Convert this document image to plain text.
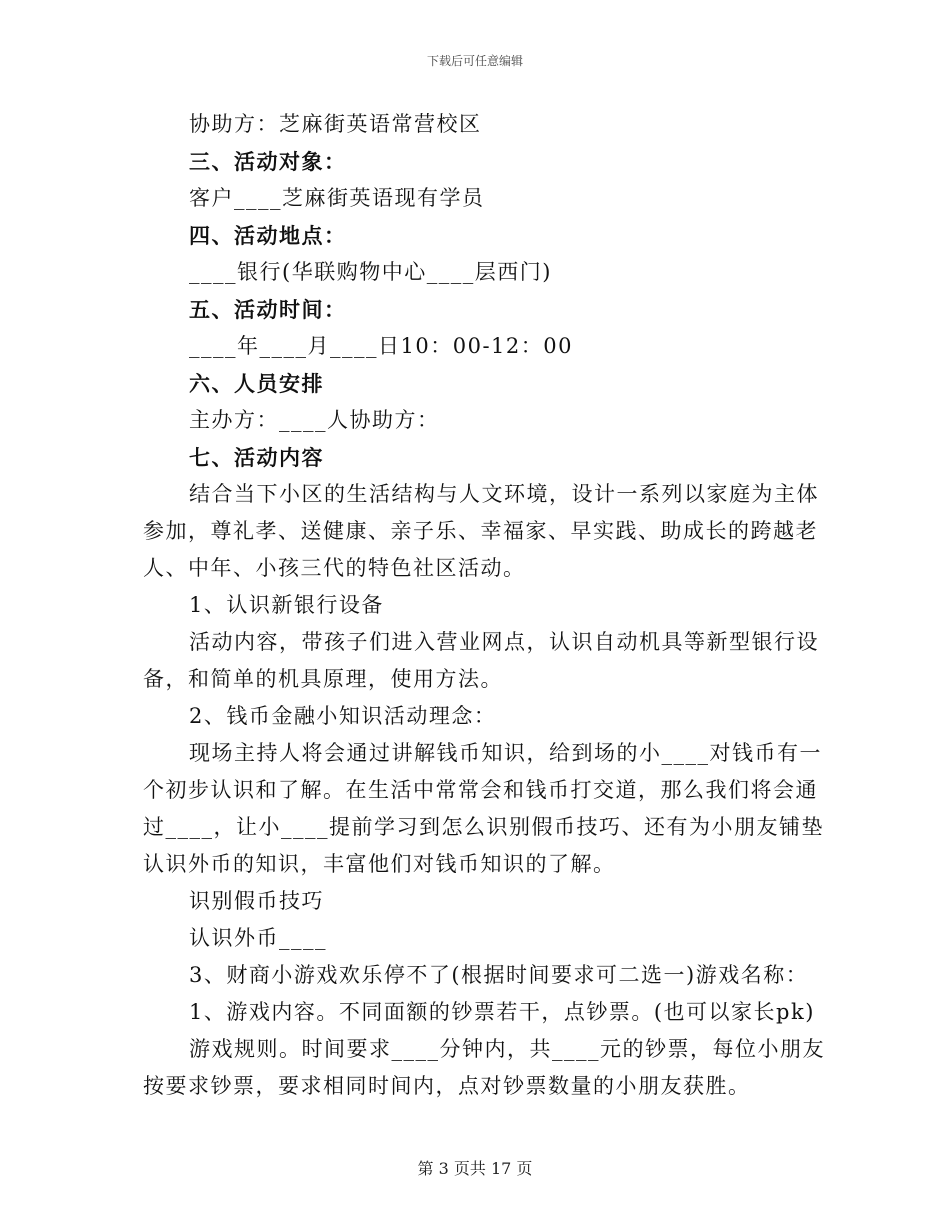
下载后可任意编辑
协助方：芝麻街英语常营校区
三、活动对象：
客户____芝麻街英语现有学员
四、活动地点：
____银行(华联购物中心____层西门)
五、活动时间：
____年____月____日10：00-12：00
六、人员安排
主办方：____人协助方：
七、活动内容
结合当下小区的生活结构与人文环境，设计一系列以家庭为主体
参加，尊礼孝、送健康、亲子乐、幸福家、早实践、助成长的跨越老
人、中年、小孩三代的特色社区活动。
1、认识新银行设备
活动内容，带孩子们进入营业网点，认识自动机具等新型银行设
备，和简单的机具原理，使用方法。
2、钱币金融小知识活动理念：
现场主持人将会通过讲解钱币知识，给到场的小____对钱币有一
个初步认识和了解。在生活中常常会和钱币打交道，那么我们将会通
过____，让小____提前学习到怎么识别假币技巧、还有为小朋友铺垫
认识外币的知识，丰富他们对钱币知识的了解。
识别假币技巧
认识外币____
3、财商小游戏欢乐停不了(根据时间要求可二选一)游戏名称：
1、游戏内容。不同面额的钞票若干，点钞票。(也可以家长pk)
游戏规则。时间要求____分钟内，共____元的钞票，每位小朋友
按要求钞票，要求相同时间内，点对钞票数量的小朋友获胜。
第 3 页共 17 页
